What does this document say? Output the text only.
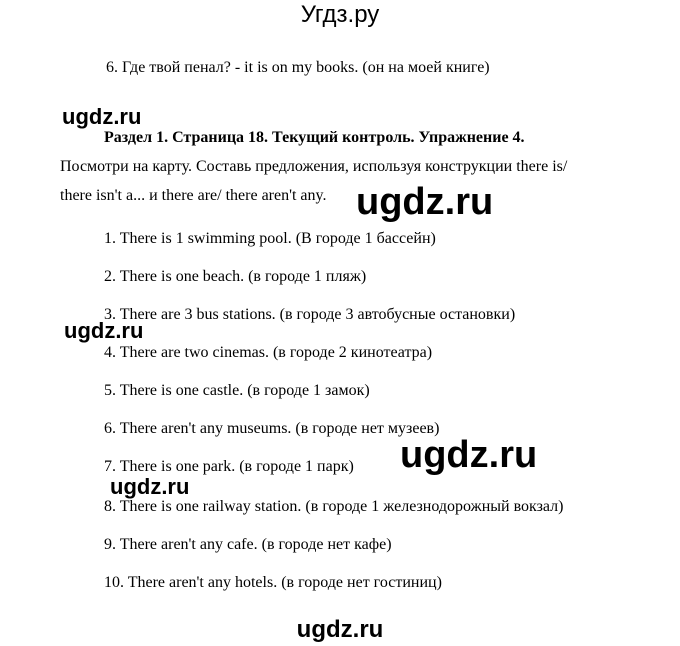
Угдз.ру
6. Где твой пенал? - it is on my books. (он на моей книге)
ugdz.ru
Раздел 1. Страница 18. Текущий контроль. Упражнение 4.
Посмотри на карту. Составь предложения, используя конструкции there is/
there isn't a... и there are/ there aren't any. ugdz.ru
1. There is 1 swimming pool. (В городе 1 бассейн)
2. There is one beach. (в городе 1 пляж)
3. There are 3 bus stations. (в городе 3 автобусные остановки)
ugdz.ru
4. There are two cinemas. (в городе 2 кинотеатра)
5. There is one castle. (в городе 1 замок)
6. There aren't any museums. (в городе нет музеев)
ugdz.ru
7. There is one park. (в городе 1 парк)
ugdz.ru
8. There is one railway station. (в городе 1 железнодорожный вокзал)
9. There aren't any cafe. (в городе нет кафе)
10. There aren't any hotels. (в городе нет гостиниц)
ugdz.ru
